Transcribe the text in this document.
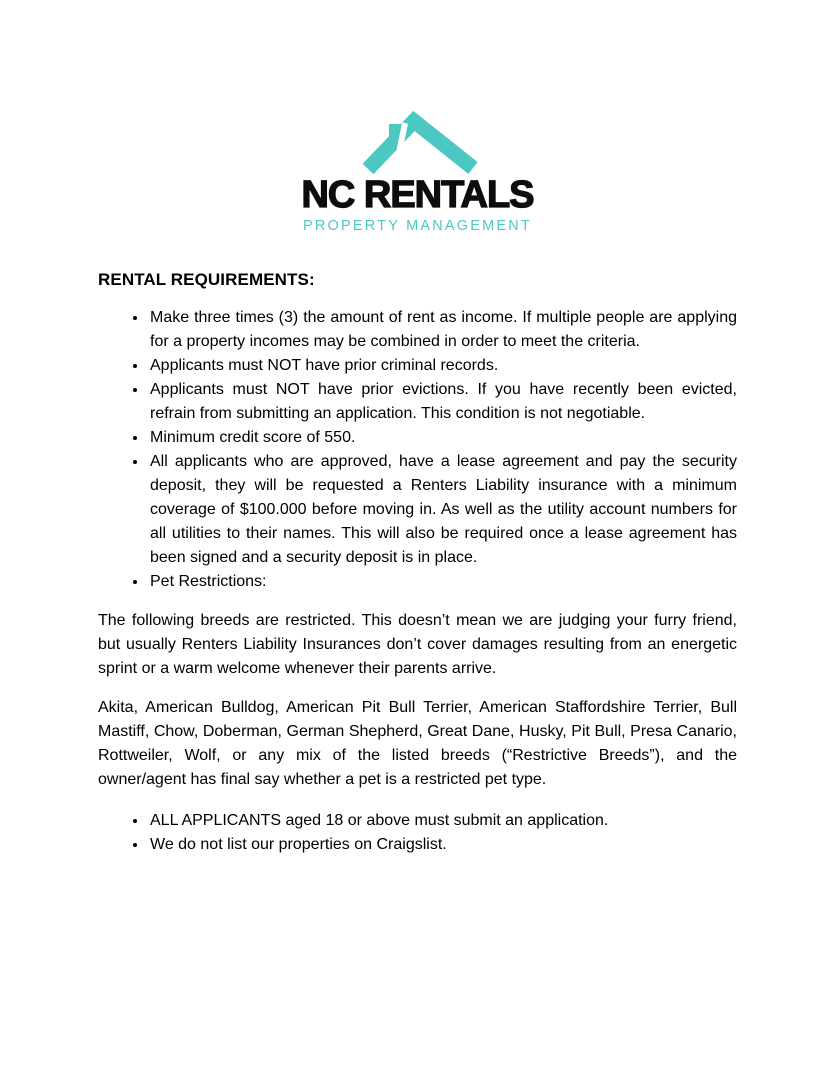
NC RENTALS
PROPERTY MANAGEMENT
RENTAL REQUIREMENTS:
• Make three times (3) the amount of rent as income. If multiple people are applying for a property incomes may be combined in order to meet the criteria.
• Applicants must NOT have prior criminal records.
• Applicants must NOT have prior evictions. If you have recently been evicted, refrain from submitting an application. This condition is not negotiable.
• Minimum credit score of 550.
• All applicants who are approved, have a lease agreement and pay the security deposit, they will be requested a Renters Liability insurance with a minimum coverage of $100.000 before moving in. As well as the utility account numbers for all utilities to their names. This will also be required once a lease agreement has been signed and a security deposit is in place.
• Pet Restrictions:

The following breeds are restricted. This doesn’t mean we are judging your furry friend, but usually Renters Liability Insurances don’t cover damages resulting from an energetic sprint or a warm welcome whenever their parents arrive.

Akita, American Bulldog, American Pit Bull Terrier, American Staffordshire Terrier, Bull Mastiff, Chow, Doberman, German Shepherd, Great Dane, Husky, Pit Bull, Presa Canario, Rottweiler, Wolf, or any mix of the listed breeds (“Restrictive Breeds”), and the owner/agent has final say whether a pet is a restricted pet type.

• ALL APPLICANTS aged 18 or above must submit an application.
• We do not list our properties on Craigslist.
